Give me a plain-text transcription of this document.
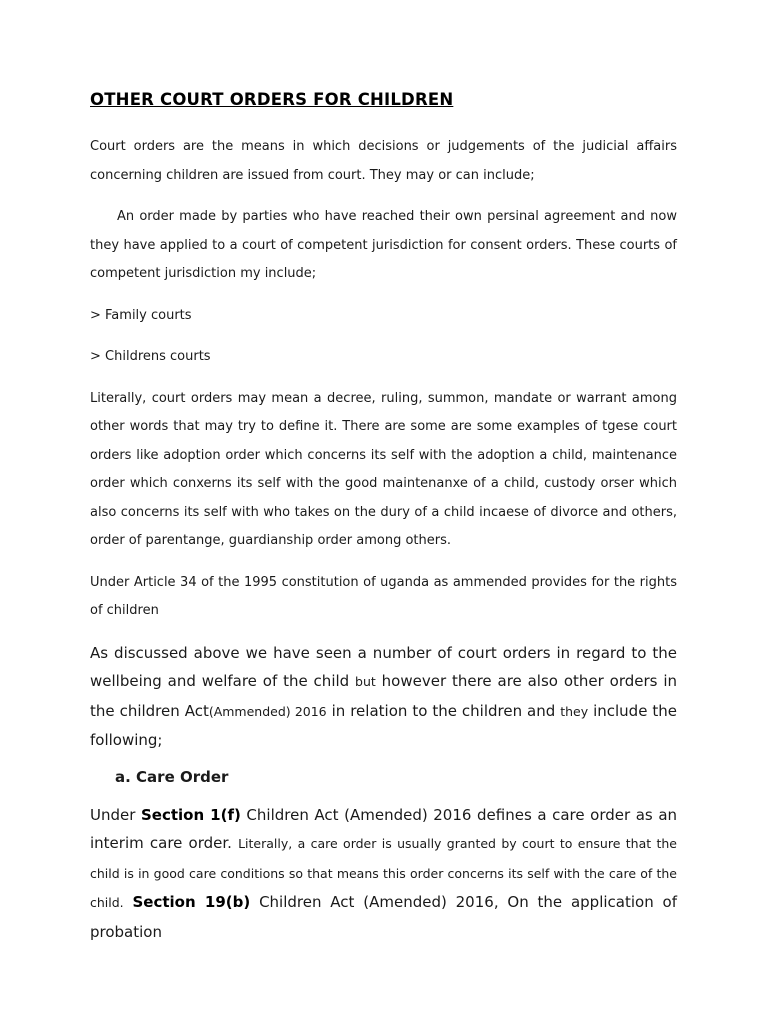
OTHER COURT ORDERS FOR CHILDREN

Court orders are the means in which decisions or judgements of the judicial affairs concerning children are issued from court. They may or can include;

An order made by parties who have reached their own persinal agreement and now they have applied to a court of competent jurisdiction for consent orders. These courts of competent jurisdiction my include;

> Family courts

> Childrens courts

Literally, court orders may mean a decree, ruling, summon, mandate or warrant among other words that may try to define it. There are some are some examples of tgese court orders like adoption order which concerns its self with the adoption a child, maintenance order which conxerns its self with the good maintenanxe of a child, custody orser which also concerns its self with who takes on the dury of a child incaese of divorce and others, order of parentange, guardianship order among others.

Under Article 34 of the 1995 constitution of uganda as ammended provides for the rights of children

As discussed above we have seen a number of court orders in regard to the wellbeing and welfare of the child but however there are also other orders in the children Act(Ammended) 2016 in relation to the children and they include the following;

a. Care Order

Under Section 1(f) Children Act (Amended) 2016 defines a care order as an interim care order. Literally, a care order is usually granted by court to ensure that the child is in good care conditions so that means this order concerns its self with the care of the child. Section 19(b) Children Act (Amended) 2016, On the application of probation
